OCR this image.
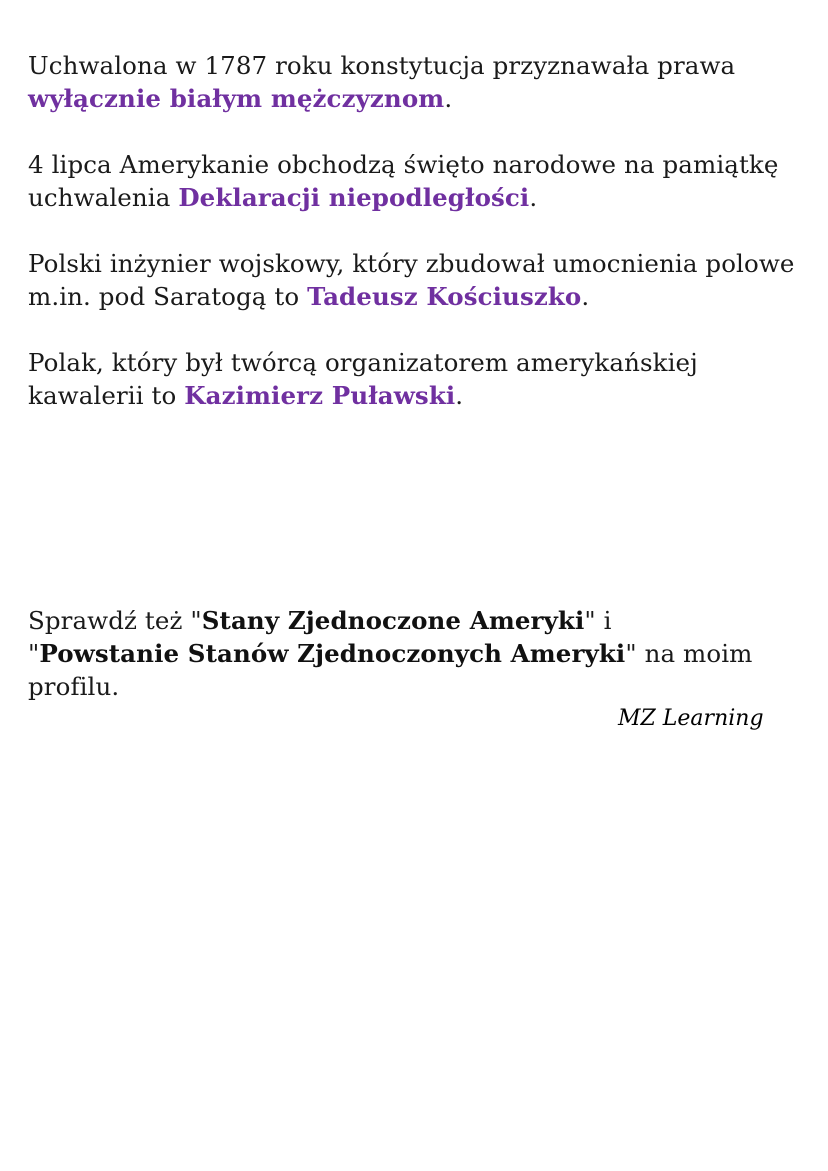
Uchwalona w 1787 roku konstytucja przyznawała prawa wyłącznie białym mężczyznom.

4 lipca Amerykanie obchodzą święto narodowe na pamiątkę uchwalenia Deklaracji niepodległości.

Polski inżynier wojskowy, który zbudował umocnienia polowe m.in. pod Saratogą to Tadeusz Kościuszko.

Polak, który był twórcą organizatorem amerykańskiej kawalerii to Kazimierz Puławski.

Sprawdź też "Stany Zjednoczone Ameryki" i
"Powstanie Stanów Zjednoczonych Ameryki" na moim profilu.

MZ Learning
